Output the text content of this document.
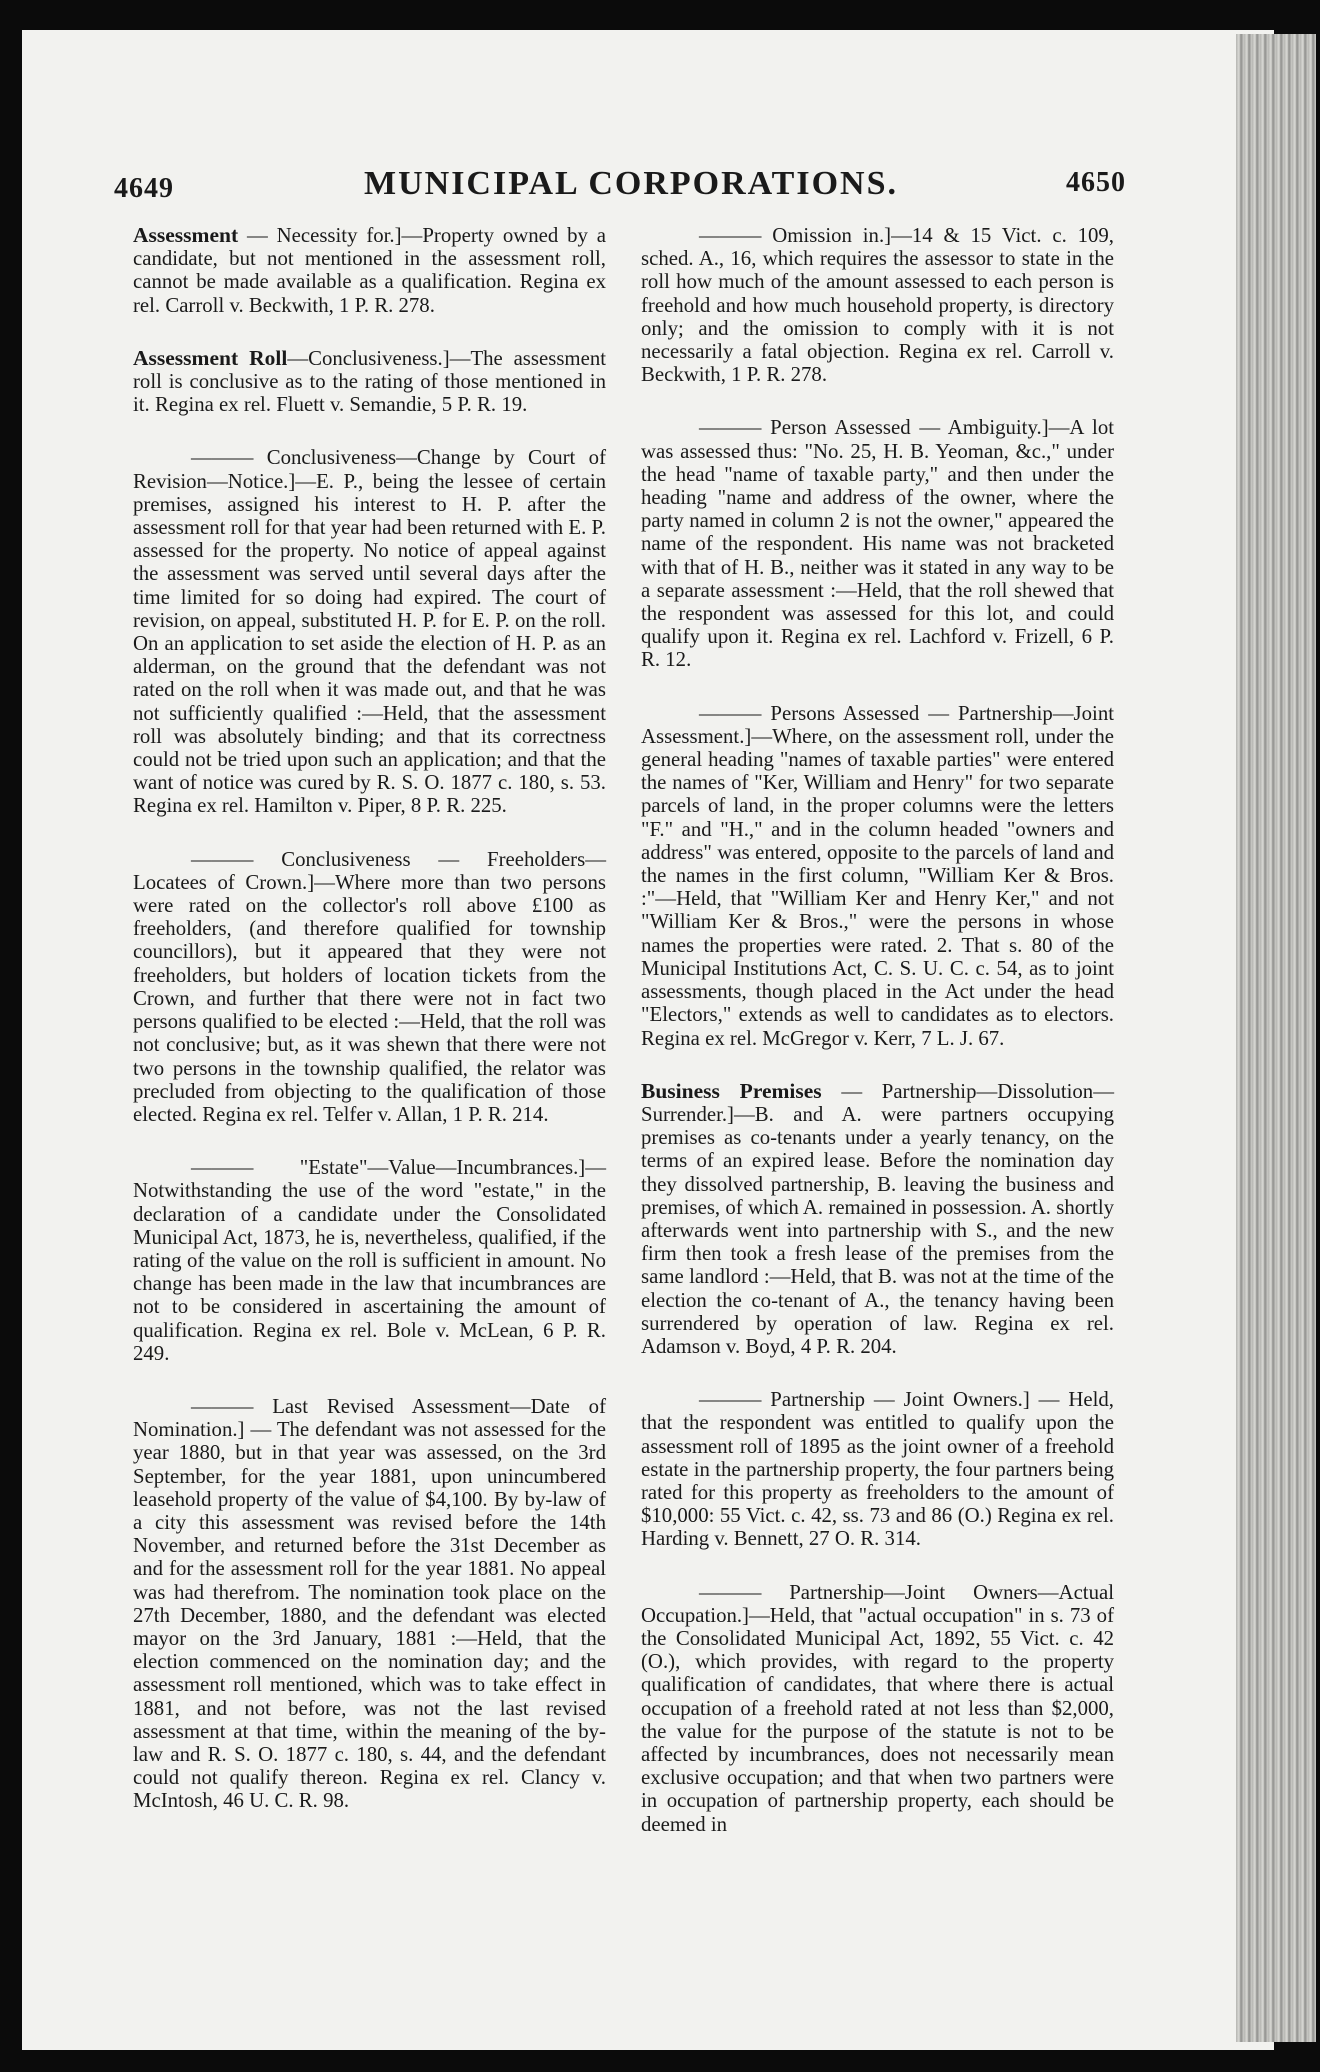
4649	MUNICIPAL CORPORATIONS.	4650

Assessment — Necessity for.]—Property owned by a candidate, but not mentioned in the assessment roll, cannot be made available as a qualification. Regina ex rel. Carroll v. Beckwith, 1 P. R. 278.

Assessment Roll—Conclusiveness.]—The assessment roll is conclusive as to the rating of those mentioned in it. Regina ex rel. Fluett v. Semandie, 5 P. R. 19.

——— Conclusiveness—Change by Court of Revision—Notice.]—E. P., being the lessee of certain premises, assigned his interest to H. P. after the assessment roll for that year had been returned with E. P. assessed for the property. No notice of appeal against the assessment was served until several days after the time limited for so doing had expired. The court of revision, on appeal, substituted H. P. for E. P. on the roll. On an application to set aside the election of H. P. as an alderman, on the ground that the defendant was not rated on the roll when it was made out, and that he was not sufficiently qualified :—Held, that the assessment roll was absolutely binding; and that its correctness could not be tried upon such an application; and that the want of notice was cured by R. S. O. 1877 c. 180, s. 53. Regina ex rel. Hamilton v. Piper, 8 P. R. 225.

——— Conclusiveness — Freeholders—Locatees of Crown.]—Where more than two persons were rated on the collector's roll above £100 as freeholders, (and therefore qualified for township councillors), but it appeared that they were not freeholders, but holders of location tickets from the Crown, and further that there were not in fact two persons qualified to be elected :—Held, that the roll was not conclusive; but, as it was shewn that there were not two persons in the township qualified, the relator was precluded from objecting to the qualification of those elected. Regina ex rel. Telfer v. Allan, 1 P. R. 214.

——— "Estate"—Value—Incumbrances.]—Notwithstanding the use of the word "estate," in the declaration of a candidate under the Consolidated Municipal Act, 1873, he is, nevertheless, qualified, if the rating of the value on the roll is sufficient in amount. No change has been made in the law that incumbrances are not to be considered in ascertaining the amount of qualification. Regina ex rel. Bole v. McLean, 6 P. R. 249.

——— Last Revised Assessment—Date of Nomination.] — The defendant was not assessed for the year 1880, but in that year was assessed, on the 3rd September, for the year 1881, upon unincumbered leasehold property of the value of $4,100. By by-law of a city this assessment was revised before the 14th November, and returned before the 31st December as and for the assessment roll for the year 1881. No appeal was had therefrom. The nomination took place on the 27th December, 1880, and the defendant was elected mayor on the 3rd January, 1881 :—Held, that the election commenced on the nomination day; and the assessment roll mentioned, which was to take effect in 1881, and not before, was not the last revised assessment at that time, within the meaning of the by-law and R. S. O. 1877 c. 180, s. 44, and the defendant could not qualify thereon. Regina ex rel. Clancy v. McIntosh, 46 U. C. R. 98.

——— Omission in.]—14 & 15 Vict. c. 109, sched. A., 16, which requires the assessor to state in the roll how much of the amount assessed to each person is freehold and how much household property, is directory only; and the omission to comply with it is not necessarily a fatal objection. Regina ex rel. Carroll v. Beckwith, 1 P. R. 278.

——— Person Assessed — Ambiguity.]—A lot was assessed thus: "No. 25, H. B. Yeoman, &c.," under the head "name of taxable party," and then under the heading "name and address of the owner, where the party named in column 2 is not the owner," appeared the name of the respondent. His name was not bracketed with that of H. B., neither was it stated in any way to be a separate assessment :—Held, that the roll shewed that the respondent was assessed for this lot, and could qualify upon it. Regina ex rel. Lachford v. Frizell, 6 P. R. 12.

——— Persons Assessed — Partnership—Joint Assessment.]—Where, on the assessment roll, under the general heading "names of taxable parties" were entered the names of "Ker, William and Henry" for two separate parcels of land, in the proper columns were the letters "F." and "H.," and in the column headed "owners and address" was entered, opposite to the parcels of land and the names in the first column, "William Ker & Bros. :"—Held, that "William Ker and Henry Ker," and not "William Ker & Bros.," were the persons in whose names the properties were rated. 2. That s. 80 of the Municipal Institutions Act, C. S. U. C. c. 54, as to joint assessments, though placed in the Act under the head "Electors," extends as well to candidates as to electors. Regina ex rel. McGregor v. Kerr, 7 L. J. 67.

Business Premises — Partnership—Dissolution—Surrender.]—B. and A. were partners occupying premises as co-tenants under a yearly tenancy, on the terms of an expired lease. Before the nomination day they dissolved partnership, B. leaving the business and premises, of which A. remained in possession. A. shortly afterwards went into partnership with S., and the new firm then took a fresh lease of the premises from the same landlord :—Held, that B. was not at the time of the election the co-tenant of A., the tenancy having been surrendered by operation of law. Regina ex rel. Adamson v. Boyd, 4 P. R. 204.

——— Partnership — Joint Owners.] — Held, that the respondent was entitled to qualify upon the assessment roll of 1895 as the joint owner of a freehold estate in the partnership property, the four partners being rated for this property as freeholders to the amount of $10,000: 55 Vict. c. 42, ss. 73 and 86 (O.) Regina ex rel. Harding v. Bennett, 27 O. R. 314.

——— Partnership—Joint Owners—Actual Occupation.]—Held, that "actual occupation" in s. 73 of the Consolidated Municipal Act, 1892, 55 Vict. c. 42 (O.), which provides, with regard to the property qualification of candidates, that where there is actual occupation of a freehold rated at not less than $2,000, the value for the purpose of the statute is not to be affected by incumbrances, does not necessarily mean exclusive occupation; and that when two partners were in occupation of partnership property, each should be deemed in
